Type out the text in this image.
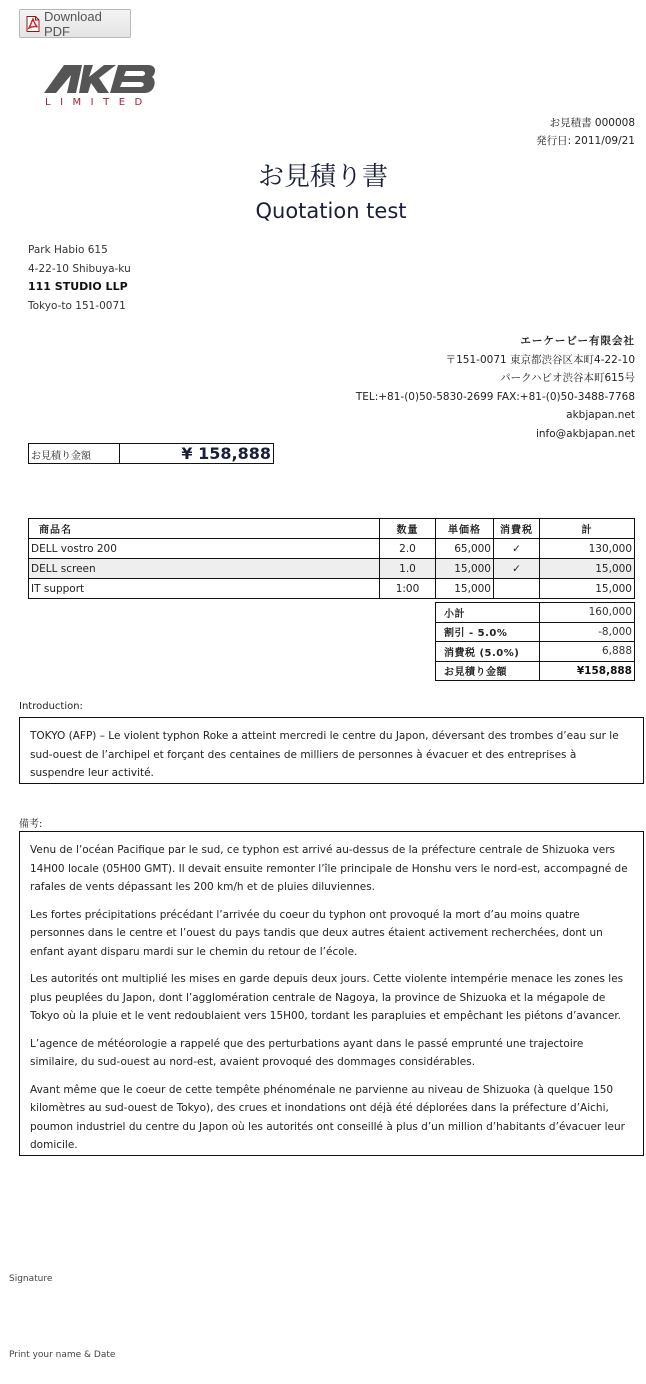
Download PDF
LIMITED
お見積書 000008
発行日: 2011/09/21
お見積り書
Quotation test
Park Habio 615
4-22-10 Shibuya-ku
111 STUDIO LLP
Tokyo-to 151-0071
エーケービー有限会社
〒151-0071 東京都渋谷区本町4-22-10
パークハビオ渋谷本町615号
TEL:+81-(0)50-5830-2699 FAX:+81-(0)50-3488-7768
akbjapan.net
info@akbjapan.net
お見積り金額	¥ 158,888
商品名	数量	単価格	消費税	計
DELL vostro 200	2.0	65,000	✓	130,000
DELL screen	1.0	15,000	✓	15,000
IT support	1:00	15,000		15,000
小計	160,000
割引 - 5.0%	-8,000
消費税 (5.0%)	6,888
お見積り金額	¥158,888
Introduction:
TOKYO (AFP) – Le violent typhon Roke a atteint mercredi le centre du Japon, déversant des trombes d’eau sur le sud-ouest de l’archipel et forçant des centaines de milliers de personnes à évacuer et des entreprises à suspendre leur activité.
備考:

Venu de l’océan Pacifique par le sud, ce typhon est arrivé au-dessus de la préfecture centrale de Shizuoka vers 14H00 locale (05H00 GMT). Il devait ensuite remonter l’île principale de Honshu vers le nord-est, accompagné de rafales de vents dépassant les 200 km/h et de pluies diluviennes.

Les fortes précipitations précédant l’arrivée du coeur du typhon ont provoqué la mort d’au moins quatre personnes dans le centre et l’ouest du pays tandis que deux autres étaient activement recherchées, dont un enfant ayant disparu mardi sur le chemin du retour de l’école.

Les autorités ont multiplié les mises en garde depuis deux jours. Cette violente intempérie menace les zones les plus peuplées du Japon, dont l’agglomération centrale de Nagoya, la province de Shizuoka et la mégapole de Tokyo où la pluie et le vent redoublaient vers 15H00, tordant les parapluies et empêchant les piétons d’avancer.

L’agence de météorologie a rappelé que des perturbations ayant dans le passé emprunté une trajectoire similaire, du sud-ouest au nord-est, avaient provoqué des dommages considérables.

Avant même que le coeur de cette tempête phénoménale ne parvienne au niveau de Shizuoka (à quelque 150 kilomètres au sud-ouest de Tokyo), des crues et inondations ont déjà été déplorées dans la préfecture d’Aichi, poumon industriel du centre du Japon où les autorités ont conseillé à plus d’un million d’habitants d’évacuer leur domicile.

Signature
Print your name & Date
